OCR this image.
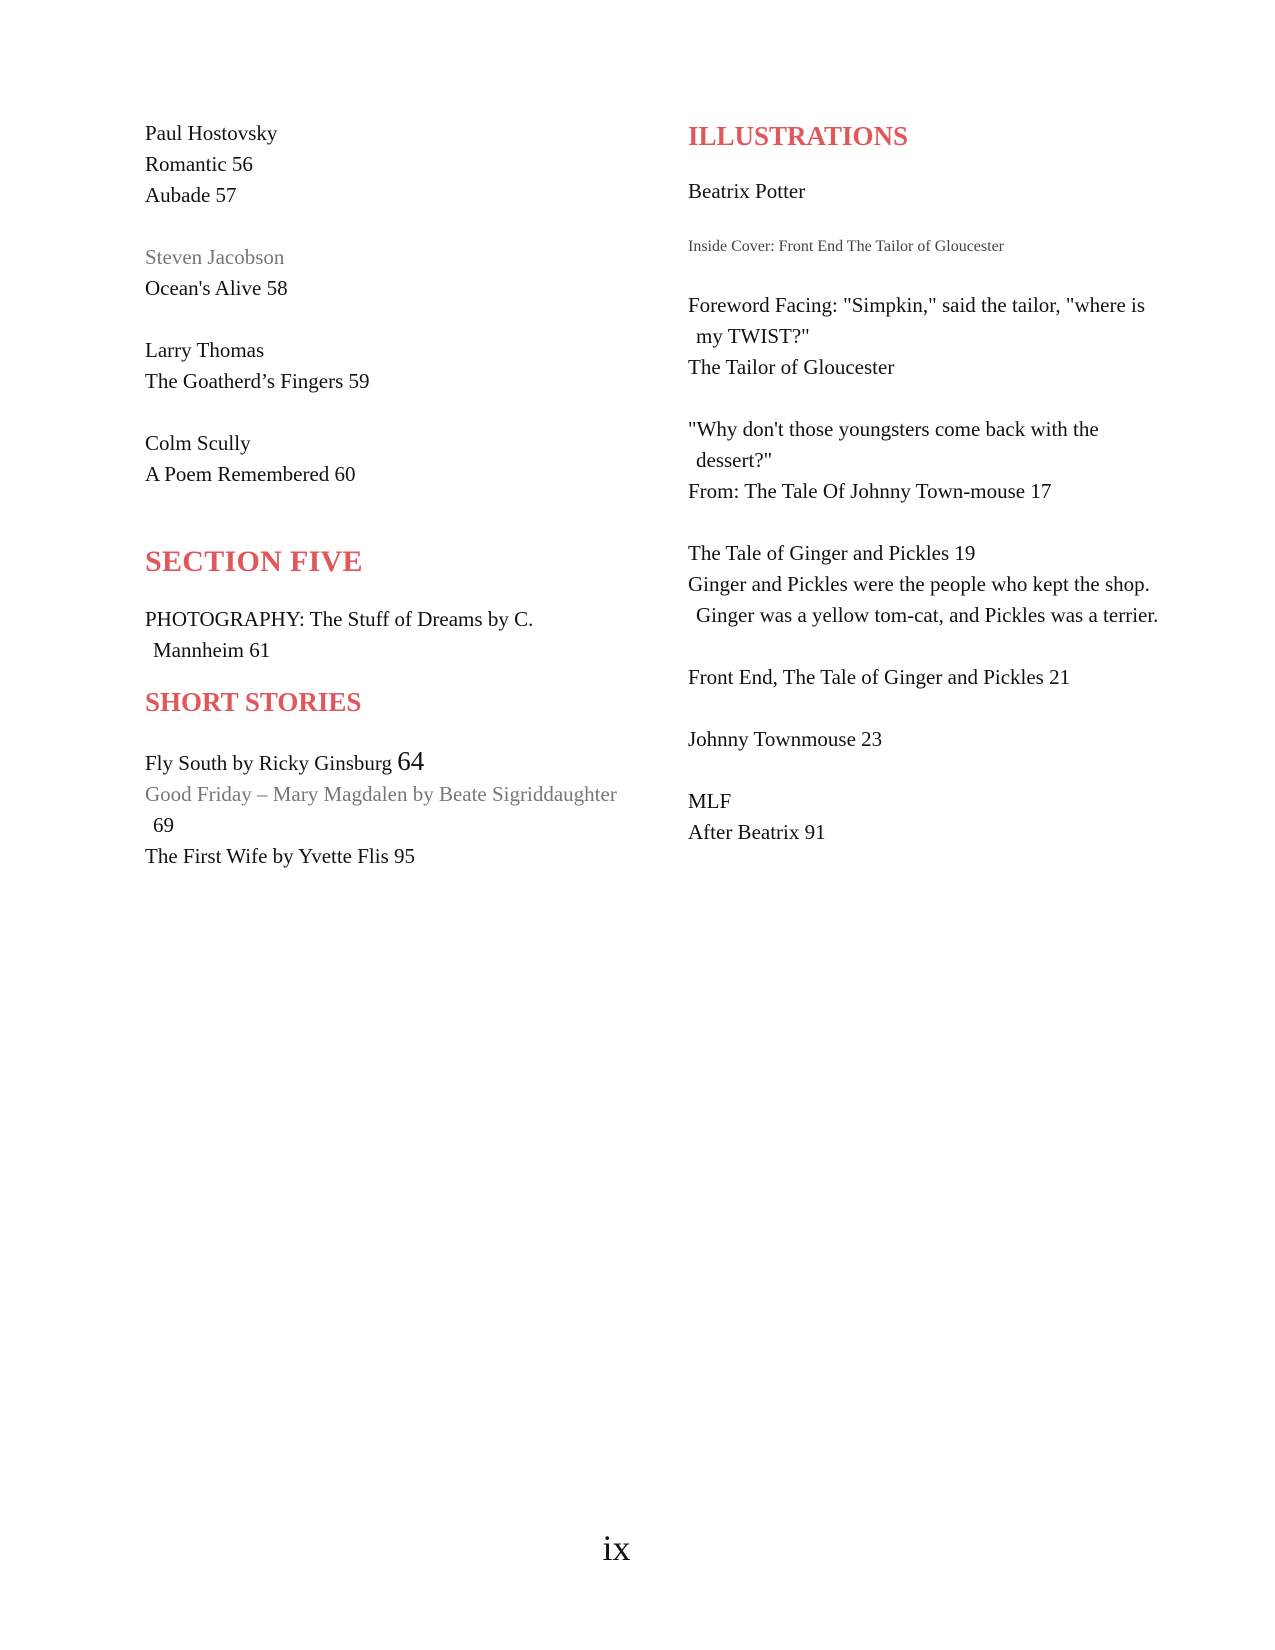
Paul Hostovsky

Romantic 56

Aubade 57

Steven Jacobson

Ocean's Alive 58

Larry Thomas

The Goatherd’s Fingers 59

Colm Scully

A Poem Remembered 60

SECTION FIVE

PHOTOGRAPHY: The Stuff of Dreams by C.

Mannheim 61

SHORT STORIES

Fly South by Ricky Ginsburg 64

Good Friday – Mary Magdalen by Beate Sigriddaughter

69

The First Wife by Yvette Flis 95

ILLUSTRATIONS

Beatrix Potter

Inside Cover: Front End The Tailor of Gloucester

Foreword Facing: "Simpkin," said the tailor, "where is

my TWIST?"

The Tailor of Gloucester

"Why don't those youngsters come back with the

dessert?"

From: The Tale Of Johnny Town-mouse 17

The Tale of Ginger and Pickles 19

Ginger and Pickles were the people who kept the shop.

Ginger was a yellow tom-cat, and Pickles was a terrier.

Front End, The Tale of Ginger and Pickles 21

Johnny Townmouse 23

MLF

After Beatrix 91

ix
